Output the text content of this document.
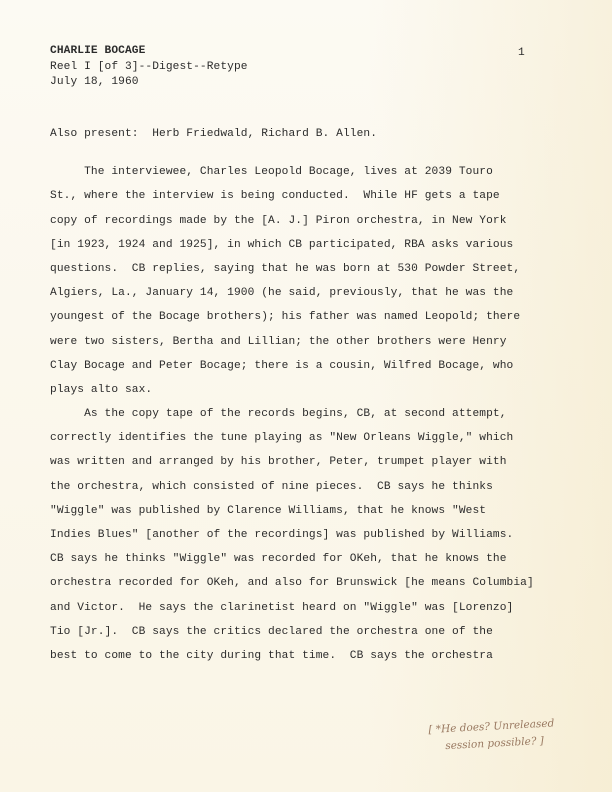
CHARLIE BOCAGE
Reel I [of 3]--Digest--Retype
July 18, 1960
1
Also present:  Herb Friedwald, Richard B. Allen.
The interviewee, Charles Leopold Bocage, lives at 2039 Touro
St., where the interview is being conducted.  While HF gets a tape
copy of recordings made by the [A. J.] Piron orchestra, in New York
[in 1923, 1924 and 1925], in which CB participated, RBA asks various
questions.  CB replies, saying that he was born at 530 Powder Street,
Algiers, La., January 14, 1900 (he said, previously, that he was the
youngest of the Bocage brothers); his father was named Leopold; there
were two sisters, Bertha and Lillian; the other brothers were Henry
Clay Bocage and Peter Bocage; there is a cousin, Wilfred Bocage, who
plays alto sax.
As the copy tape of the records begins, CB, at second attempt,
correctly identifies the tune playing as "New Orleans Wiggle," which
was written and arranged by his brother, Peter, trumpet player with
the orchestra, which consisted of nine pieces.  CB says he thinks
"Wiggle" was published by Clarence Williams, that he knows "West
Indies Blues" [another of the recordings] was published by Williams.
CB says he thinks "Wiggle" was recorded for OKeh, that he knows the
orchestra recorded for OKeh, and also for Brunswick [he means Columbia]
and Victor.  He says the clarinetist heard on "Wiggle" was [Lorenzo]
Tio [Jr.].  CB says the critics declared the orchestra one of the
best to come to the city during that time.  CB says the orchestra
[ *He does? Unreleased
session possible? ]
